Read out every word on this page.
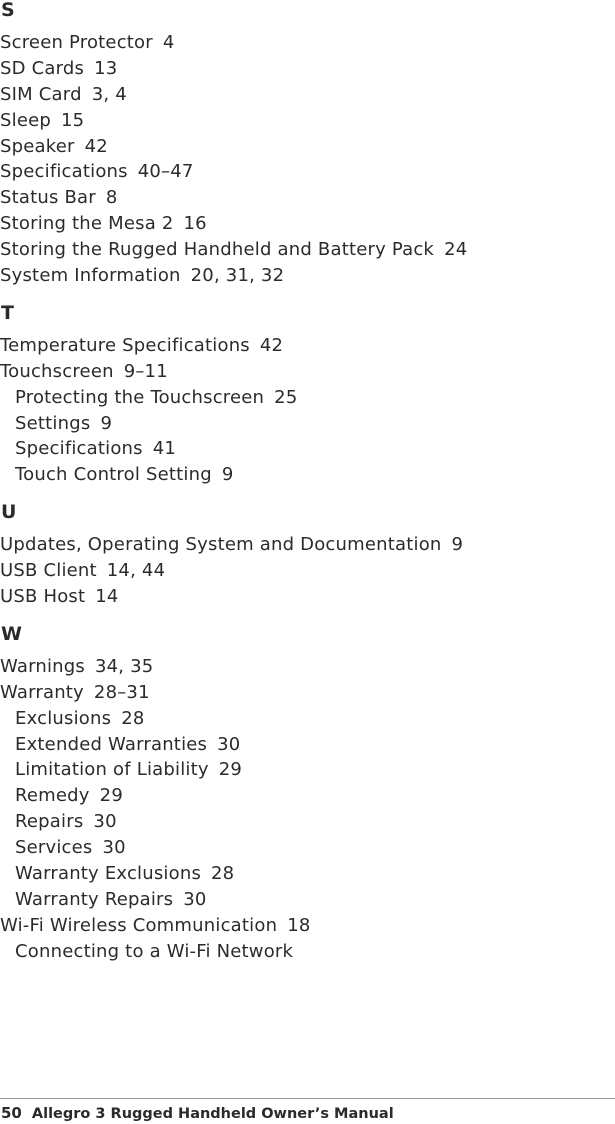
S
Screen Protector 4
SD Cards 13
SIM Card 3, 4
Sleep 15
Speaker 42
Specifications 40–47
Status Bar 8
Storing the Mesa 2 16
Storing the Rugged Handheld and Battery Pack 24
System Information 20, 31, 32
T
Temperature Specifications 42
Touchscreen 9–11
Protecting the Touchscreen 25
Settings 9
Specifications 41
Touch Control Setting 9
U
Updates, Operating System and Documentation 9
USB Client 14, 44
USB Host 14
W
Warnings 34, 35
Warranty 28–31
Exclusions 28
Extended Warranties 30
Limitation of Liability 29
Remedy 29
Repairs 30
Services 30
Warranty Exclusions 28
Warranty Repairs 30
Wi-Fi Wireless Communication 18
Connecting to a Wi-Fi Network
50 Allegro 3 Rugged Handheld Owner’s Manual
